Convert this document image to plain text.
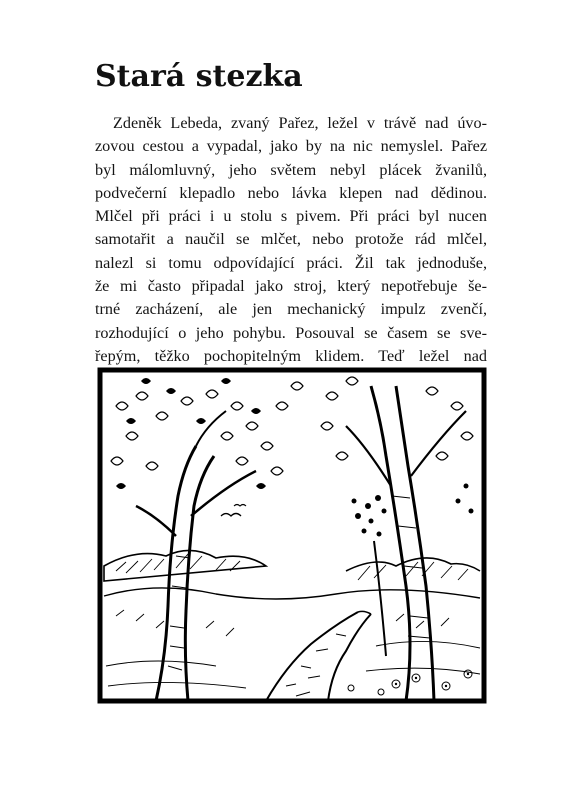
Stará stezka
Zdeněk Lebeda, zvaný Pařez, ležel v trávě nad úvo-
zovou cestou a vypadal, jako by na nic nemyslel. Pařez
byl málomluvný, jeho světem nebyl plácek žvanilů,
podvečerní klepadlo nebo lávka klepen nad dědinou.
Mlčel při práci i u stolu s pivem. Při práci byl nucen
samotařit a naučil se mlčet, nebo protože rád mlčel,
nalezl si tomu odpovídající práci. Žil tak jednoduše,
že mi často připadal jako stroj, který nepotřebuje še-
trné zacházení, ale jen mechanický impulz zvenčí,
rozhodující o jeho pohybu. Posouval se časem se sve-
řepým, těžko pochopitelným klidem. Teď ležel nad
